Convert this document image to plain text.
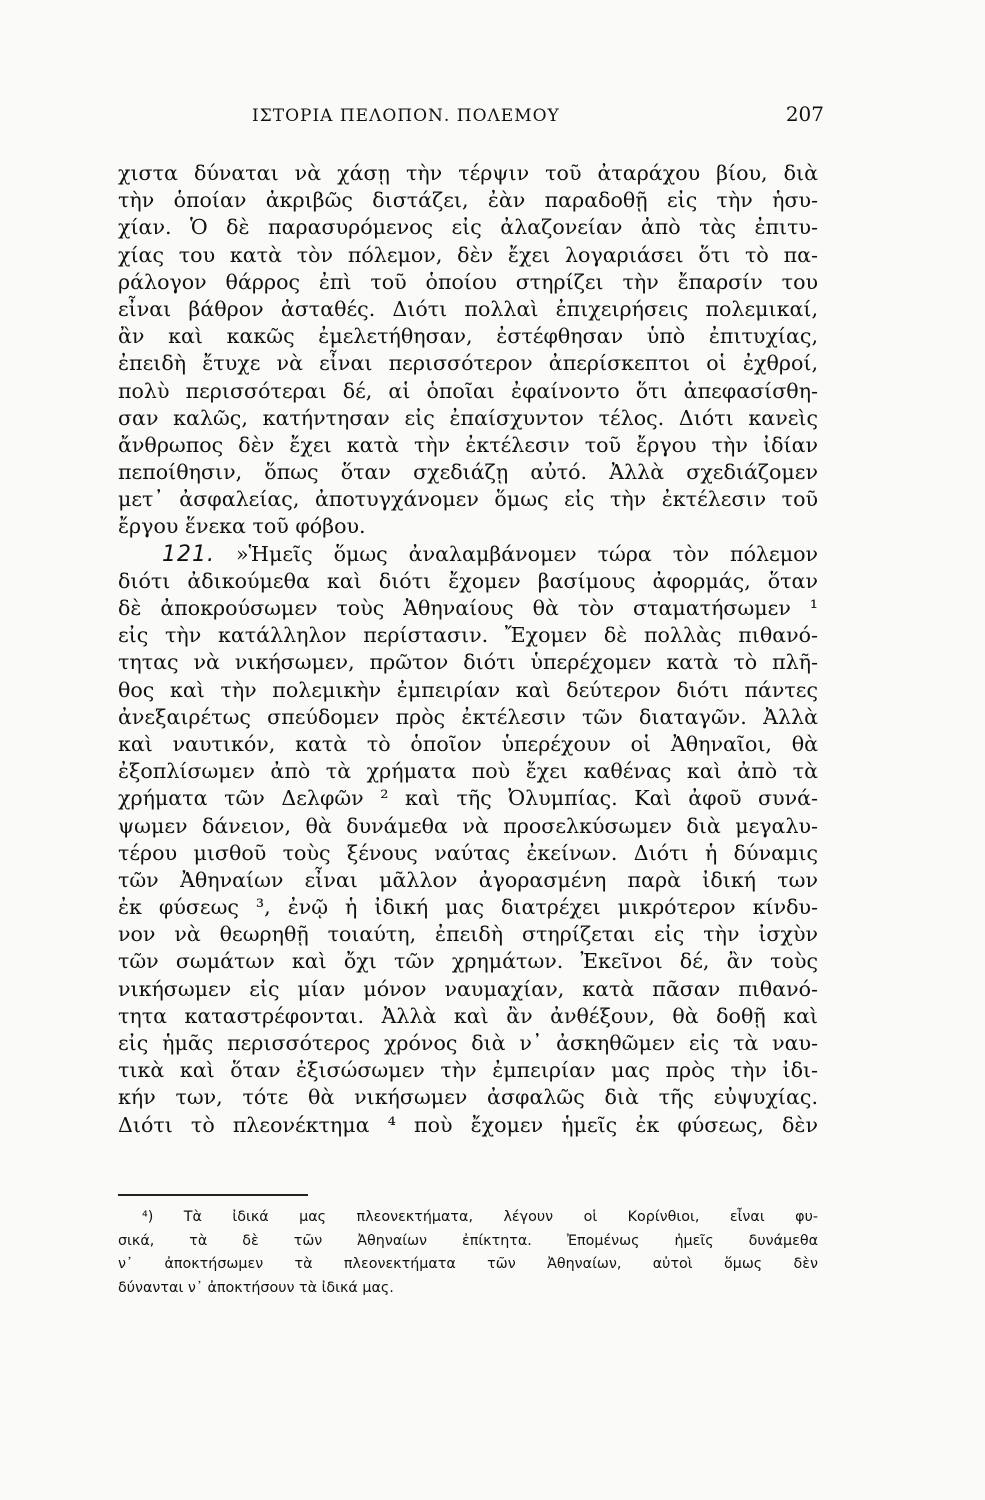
ΙΣΤΟΡΙΑ ΠΕΛΟΠΟΝ. ΠΟΛΕΜΟΥ	207
χιστα δύναται νὰ χάσῃ τὴν τέρψιν τοῦ ἀταράχου βίου, διὰ
τὴν ὁποίαν ἀκριβῶς διστάζει, ἐὰν παραδοθῇ εἰς τὴν ἡσυ-
χίαν. Ὁ δὲ παρασυρόμενος εἰς ἀλαζονείαν ἀπὸ τὰς ἐπιτυ-
χίας του κατὰ τὸν πόλεμον, δὲν ἔχει λογαριάσει ὅτι τὸ πα-
ράλογον θάρρος ἐπὶ τοῦ ὁποίου στηρίζει τὴν ἔπαρσίν του
εἶναι βάθρον ἀσταθές. Διότι πολλαὶ ἐπιχειρήσεις πολεμικαί,
ἂν καὶ κακῶς ἐμελετήθησαν, ἐστέφθησαν ὑπὸ ἐπιτυχίας,
ἐπειδὴ ἔτυχε νὰ εἶναι περισσότερον ἀπερίσκεπτοι οἱ ἐχθροί,
πολὺ περισσότεραι δέ, αἱ ὁποῖαι ἐφαίνοντο ὅτι ἀπεφασίσθη-
σαν καλῶς, κατήντησαν εἰς ἐπαίσχυντον τέλος. Διότι κανεὶς
ἄνθρωπος δὲν ἔχει κατὰ τὴν ἐκτέλεσιν τοῦ ἔργου τὴν ἰδίαν
πεποίθησιν, ὅπως ὅταν σχεδιάζῃ αὐτό. Ἀλλὰ σχεδιάζομεν
μετ᾽ ἀσφαλείας, ἀποτυγχάνομεν ὅμως εἰς τὴν ἐκτέλεσιν τοῦ
ἔργου ἕνεκα τοῦ φόβου.
121. »Ἡμεῖς ὅμως ἀναλαμβάνομεν τώρα τὸν πόλεμον
διότι ἀδικούμεθα καὶ διότι ἔχομεν βασίμους ἀφορμάς, ὅταν
δὲ ἀποκρούσωμεν τοὺς Ἀθηναίους θὰ τὸν σταματήσωμεν ¹
εἰς τὴν κατάλληλον περίστασιν. Ἔχομεν δὲ πολλὰς πιθανό-
τητας νὰ νικήσωμεν, πρῶτον διότι ὑπερέχομεν κατὰ τὸ πλῆ-
θος καὶ τὴν πολεμικὴν ἐμπειρίαν καὶ δεύτερον διότι πάντες
ἀνεξαιρέτως σπεύδομεν πρὸς ἐκτέλεσιν τῶν διαταγῶν. Ἀλλὰ
καὶ ναυτικόν, κατὰ τὸ ὁποῖον ὑπερέχουν οἱ Ἀθηναῖοι, θὰ
ἐξοπλίσωμεν ἀπὸ τὰ χρήματα ποὺ ἔχει καθένας καὶ ἀπὸ τὰ
χρήματα τῶν Δελφῶν ² καὶ τῆς Ὀλυμπίας. Καὶ ἀφοῦ συνά-
ψωμεν δάνειον, θὰ δυνάμεθα νὰ προσελκύσωμεν διὰ μεγαλυ-
τέρου μισθοῦ τοὺς ξένους ναύτας ἐκείνων. Διότι ἡ δύναμις
τῶν Ἀθηναίων εἶναι μᾶλλον ἀγορασμένη παρὰ ἰδική των
ἐκ φύσεως ³, ἐνῷ ἡ ἰδική μας διατρέχει μικρότερον κίνδυ-
νον νὰ θεωρηθῇ τοιαύτη, ἐπειδὴ στηρίζεται εἰς τὴν ἰσχὺν
τῶν σωμάτων καὶ ὄχι τῶν χρημάτων. Ἐκεῖνοι δέ, ἂν τοὺς
νικήσωμεν εἰς μίαν μόνον ναυμαχίαν, κατὰ πᾶσαν πιθανό-
τητα καταστρέφονται. Ἀλλὰ καὶ ἂν ἀνθέξουν, θὰ δοθῇ καὶ
εἰς ἡμᾶς περισσότερος χρόνος διὰ ν᾽ ἀσκηθῶμεν εἰς τὰ ναυ-
τικὰ καὶ ὅταν ἐξισώσωμεν τὴν ἐμπειρίαν μας πρὸς τὴν ἰδι-
κήν των, τότε θὰ νικήσωμεν ἀσφαλῶς διὰ τῆς εὐψυχίας.
Διότι τὸ πλεονέκτημα ⁴ ποὺ ἔχομεν ἡμεῖς ἐκ φύσεως, δὲν
⁴) Τὰ ἰδικά μας πλεονεκτήματα, λέγουν οἱ Κορίνθιοι, εἶναι φυ-
σικά, τὰ δὲ τῶν Ἀθηναίων ἐπίκτητα. Ἐπομένως ἡμεῖς δυνάμεθα
ν᾽ ἀποκτήσωμεν τὰ πλεονεκτήματα τῶν Ἀθηναίων, αὐτοὶ ὅμως δὲν
δύνανται ν᾽ ἀποκτήσουν τὰ ἰδικά μας.
